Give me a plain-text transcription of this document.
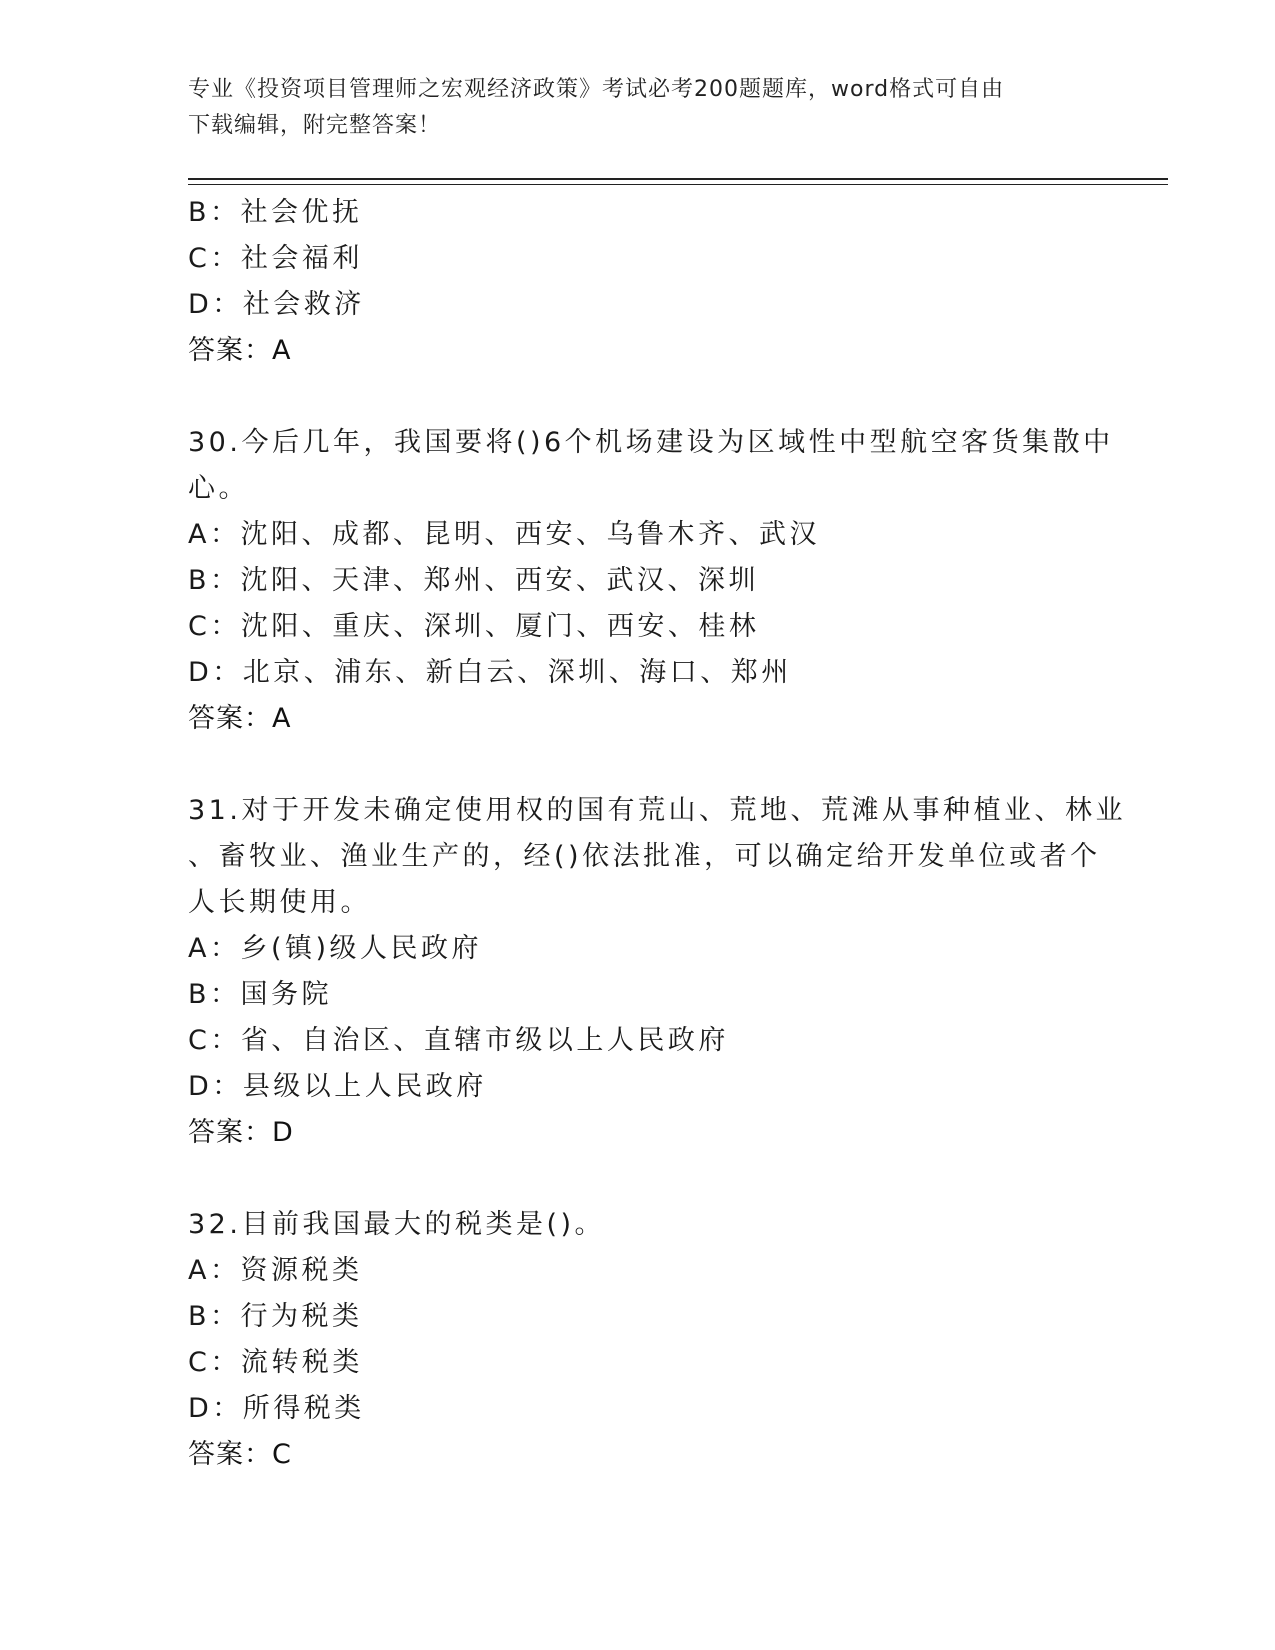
专业《投资项目管理师之宏观经济政策》考试必考200题题库，word格式可自由
下载编辑，附完整答案！
B：社会优抚
C：社会福利
D：社会救济
答案：A
30.今后几年，我国要将()6个机场建设为区域性中型航空客货集散中
心。
A：沈阳、成都、昆明、西安、乌鲁木齐、武汉
B：沈阳、天津、郑州、西安、武汉、深圳
C：沈阳、重庆、深圳、厦门、西安、桂林
D：北京、浦东、新白云、深圳、海口、郑州
答案：A
31.对于开发未确定使用权的国有荒山、荒地、荒滩从事种植业、林业
、畜牧业、渔业生产的，经()依法批准，可以确定给开发单位或者个
人长期使用。
A：乡(镇)级人民政府
B：国务院
C：省、自治区、直辖市级以上人民政府
D：县级以上人民政府
答案：D
32.目前我国最大的税类是()。
A：资源税类
B：行为税类
C：流转税类
D：所得税类
答案：C
